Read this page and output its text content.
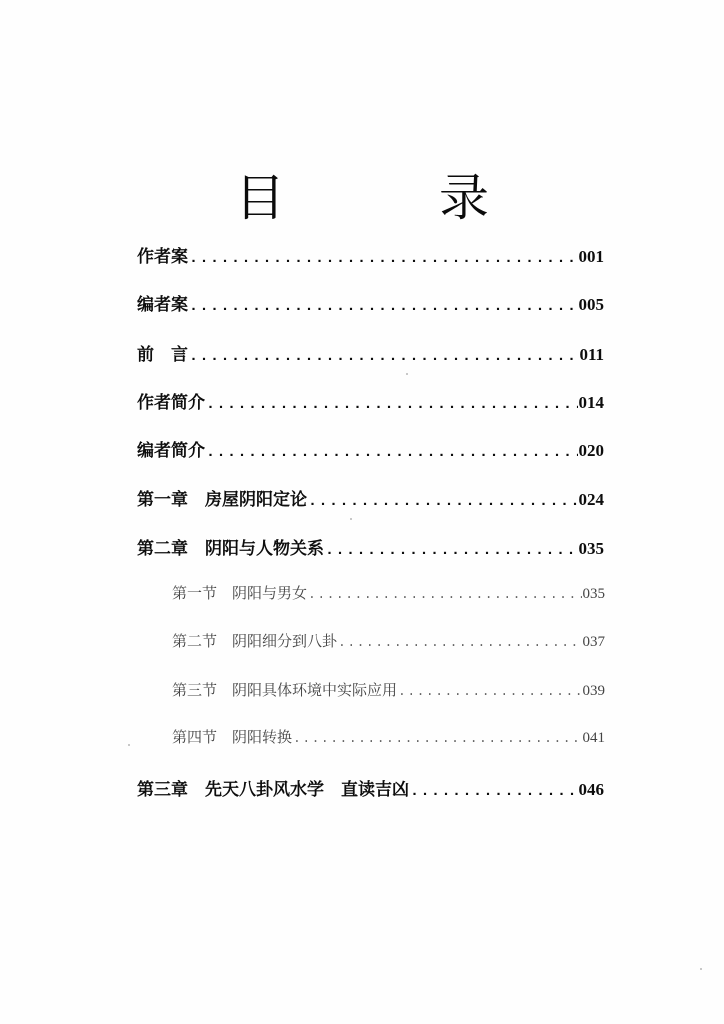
目　录
作者案 .....	001
编者案 .....	005
前　言 .....	011
作者简介 .....	014
编者简介 .....	020
第一章　房屋阴阳定论 .....	024
第二章　阴阳与人物关系 .....	035
第一节　阴阳与男女 .....	035
第二节　阴阳细分到八卦 .....	037
第三节　阴阳具体环境中实际应用 .....	039
第四节　阴阳转换 .....	041
第三章　先天八卦风水学　直读吉凶 .....	046
